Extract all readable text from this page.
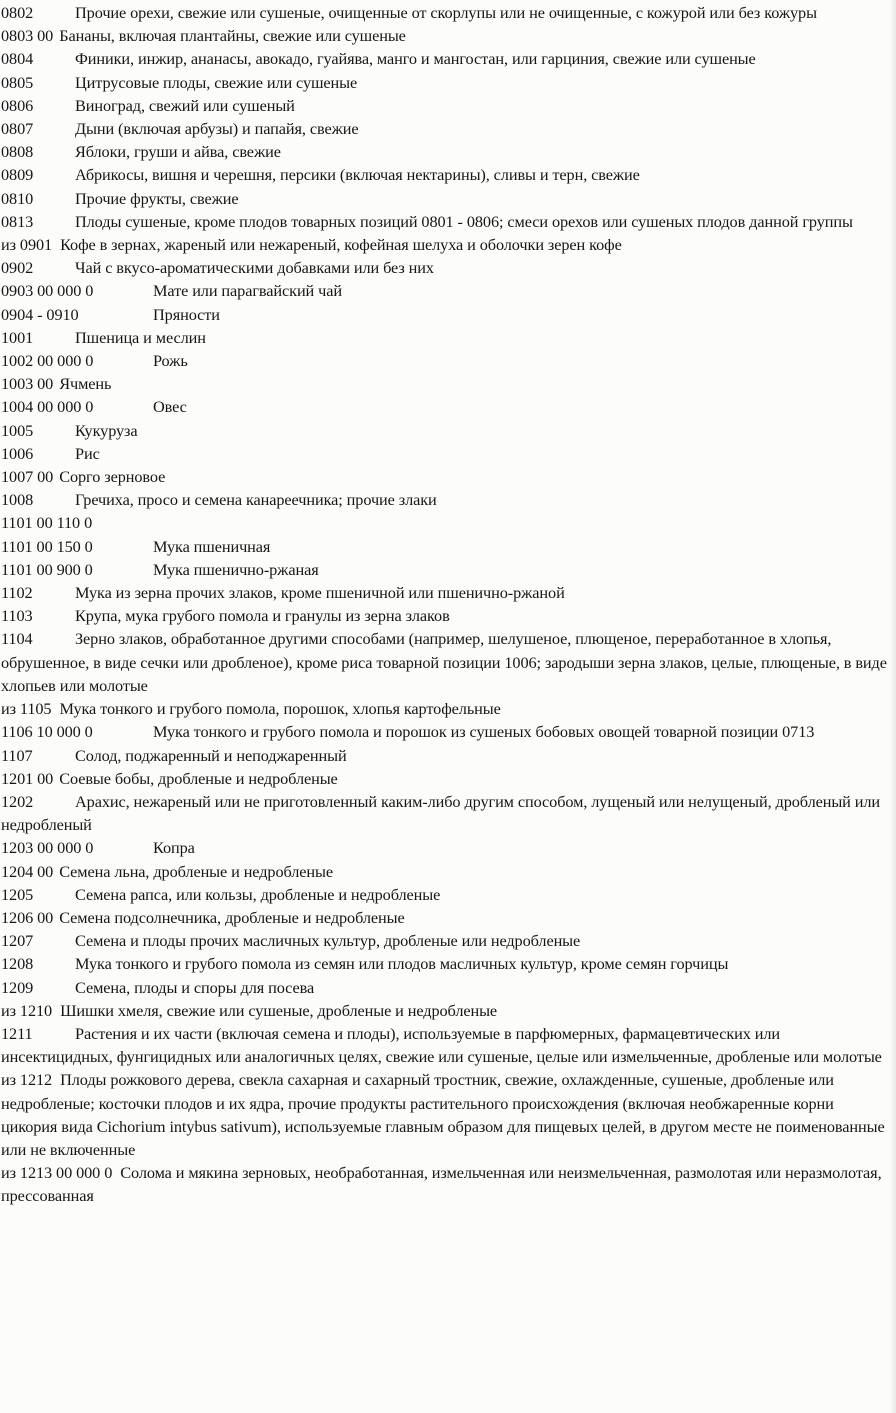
0802	Прочие орехи, свежие или сушеные, очищенные от скорлупы или не очищенные, с кожурой или без кожуры

0803 00 Бананы, включая плантайны, свежие или сушеные

0804	Финики, инжир, ананасы, авокадо, гуайява, манго и мангостан, или гарциния, свежие или сушеные

0805	Цитрусовые плоды, свежие или сушеные

0806	Виноград, свежий или сушеный

0807	Дыни (включая арбузы) и папайя, свежие

0808	Яблоки, груши и айва, свежие

0809	Абрикосы, вишня и черешня, персики (включая нектарины), сливы и терн, свежие

0810	Прочие фрукты, свежие

0813	Плоды сушеные, кроме плодов товарных позиций 0801 - 0806; смеси орехов или сушеных плодов данной группы

из 0901 Кофе в зернах, жареный или нежареный, кофейная шелуха и оболочки зерен кофе

0902	Чай с вкусо-ароматическими добавками или без них

0903 00 000 0	Мате или парагвайский чай

0904 - 0910	Пряности

1001	Пшеница и меслин

1002 00 000 0	Рожь

1003 00 Ячмень

1004 00 000 0	Овес

1005	Кукуруза

1006	Рис

1007 00 Сорго зерновое

1008	Гречиха, просо и семена канареечника; прочие злаки

1101 00 110 0

1101 00 150 0	Мука пшеничная

1101 00 900 0	Мука пшенично-ржаная

1102	Мука из зерна прочих злаков, кроме пшеничной или пшенично-ржаной

1103	Крупа, мука грубого помола и гранулы из зерна злаков

1104	Зерно злаков, обработанное другими способами (например, шелушеное, плющеное, переработанное в хлопья, обрушенное, в виде сечки или дробленое), кроме риса товарной позиции 1006; зародыши зерна злаков, целые, плющеные, в виде хлопьев или молотые

из 1105 Мука тонкого и грубого помола, порошок, хлопья картофельные

1106 10 000 0	Мука тонкого и грубого помола и порошок из сушеных бобовых овощей товарной позиции 0713

1107	Солод, поджаренный и неподжаренный

1201 00 Соевые бобы, дробленые и недробленые

1202	Арахис, нежареный или не приготовленный каким-либо другим способом, лущеный или нелущеный, дробленый или недробленый

1203 00 000 0	Копра

1204 00 Семена льна, дробленые и недробленые

1205	Семена рапса, или кользы, дробленые и недробленые

1206 00 Семена подсолнечника, дробленые и недробленые

1207	Семена и плоды прочих масличных культур, дробленые или недробленые

1208	Мука тонкого и грубого помола из семян или плодов масличных культур, кроме семян горчицы

1209	Семена, плоды и споры для посева

из 1210 Шишки хмеля, свежие или сушеные, дробленые и недробленые

1211	Растения и их части (включая семена и плоды), используемые в парфюмерных, фармацевтических или инсектицидных, фунгицидных или аналогичных целях, свежие или сушеные, целые или измельченные, дробленые или молотые

из 1212 Плоды рожкового дерева, свекла сахарная и сахарный тростник, свежие, охлажденные, сушеные, дробленые или недробленые; косточки плодов и их ядра, прочие продукты растительного происхождения (включая необжаренные корни цикория вида Cichorium intybus sativum), используемые главным образом для пищевых целей, в другом месте не поименованные или не включенные

из 1213 00 000 0 Солома и мякина зерновых, необработанная, измельченная или неизмельченная, размолотая или неразмолотая, прессованная
